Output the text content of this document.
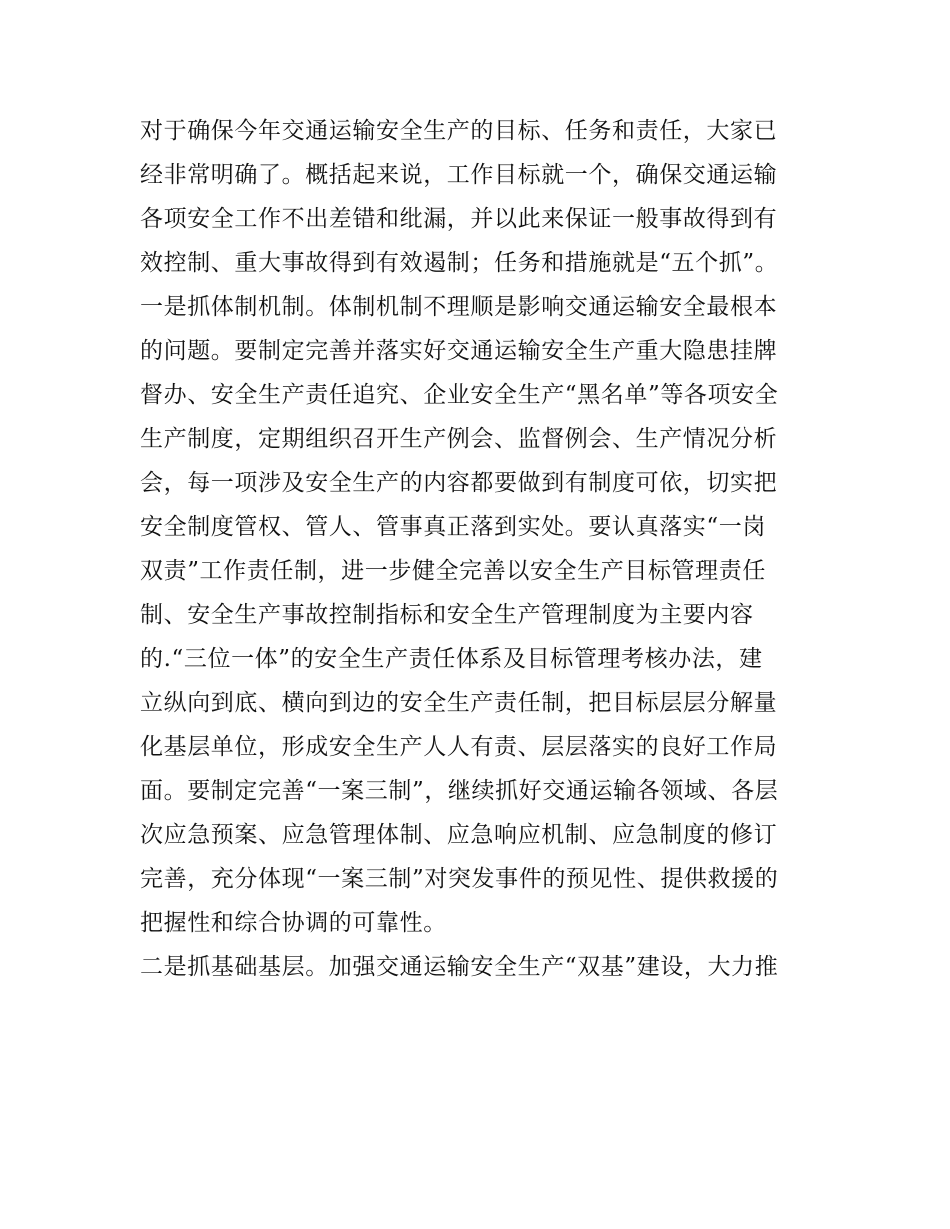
对于确保今年交通运输安全生产的目标、任务和责任，大家已
经非常明确了。概括起来说，工作目标就一个，确保交通运输
各项安全工作不出差错和纰漏，并以此来保证一般事故得到有
效控制、重大事故得到有效遏制；任务和措施就是“五个抓”。
一是抓体制机制。体制机制不理顺是影响交通运输安全最根本
的问题。要制定完善并落实好交通运输安全生产重大隐患挂牌
督办、安全生产责任追究、企业安全生产“黑名单”等各项安全
生产制度，定期组织召开生产例会、监督例会、生产情况分析
会，每一项涉及安全生产的内容都要做到有制度可依，切实把
安全制度管权、管人、管事真正落到实处。要认真落实“一岗
双责”工作责任制，进一步健全完善以安全生产目标管理责任
制、安全生产事故控制指标和安全生产管理制度为主要内容
的.“三位一体”的安全生产责任体系及目标管理考核办法，建
立纵向到底、横向到边的安全生产责任制，把目标层层分解量
化基层单位，形成安全生产人人有责、层层落实的良好工作局
面。要制定完善“一案三制”，继续抓好交通运输各领域、各层
次应急预案、应急管理体制、应急响应机制、应急制度的修订
完善，充分体现“一案三制”对突发事件的预见性、提供救援的
把握性和综合协调的可靠性。
二是抓基础基层。加强交通运输安全生产“双基”建设，大力推
